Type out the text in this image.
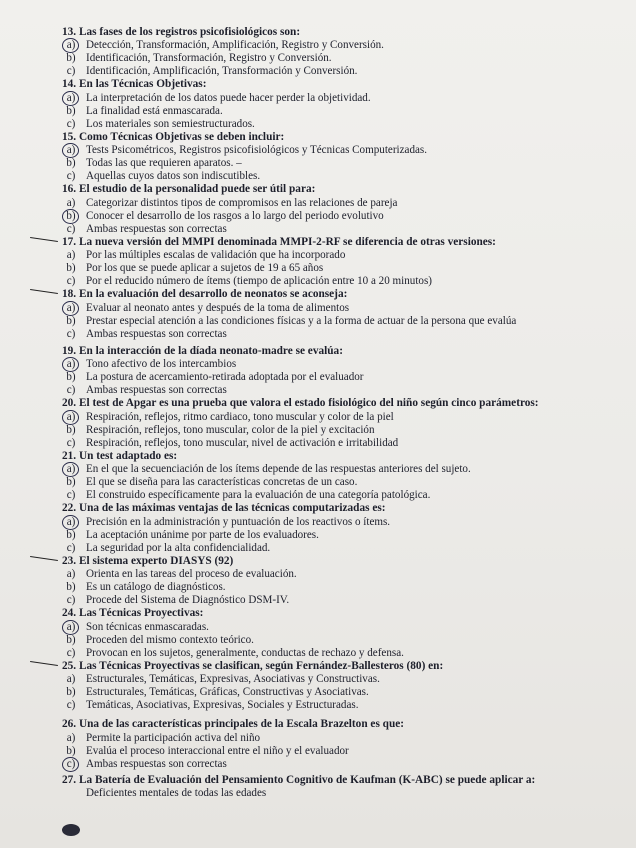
13. Las fases de los registros psicofisiológicos son:
a) Detección, Transformación, Amplificación, Registro y Conversión.
b) Identificación, Transformación, Registro y Conversión.
c) Identificación, Amplificación, Transformación y Conversión.
14. En las Técnicas Objetivas:
a) La interpretación de los datos puede hacer perder la objetividad.
b) La finalidad está enmascarada.
c) Los materiales son semiestructurados.
15. Como Técnicas Objetivas se deben incluir:
a) Tests Psicométricos, Registros psicofisiológicos y Técnicas Computerizadas.
b) Todas las que requieren aparatos. –
c) Aquellas cuyos datos son indiscutibles.
16. El estudio de la personalidad puede ser útil para:
a) Categorizar distintos tipos de compromisos en las relaciones de pareja
b) Conocer el desarrollo de los rasgos a lo largo del periodo evolutivo
c) Ambas respuestas son correctas
17. La nueva versión del MMPI denominada MMPI-2-RF se diferencia de otras versiones:
a) Por las múltiples escalas de validación que ha incorporado
b) Por los que se puede aplicar a sujetos de 19 a 65 años
c) Por el reducido número de ítems (tiempo de aplicación entre 10 a 20 minutos)
18. En la evaluación del desarrollo de neonatos se aconseja:
a) Evaluar al neonato antes y después de la toma de alimentos
b) Prestar especial atención a las condiciones físicas y a la forma de actuar de la persona que evalúa
c) Ambas respuestas son correctas
19. En la interacción de la díada neonato-madre se evalúa:
a) Tono afectivo de los intercambios
b) La postura de acercamiento-retirada adoptada por el evaluador
c) Ambas respuestas son correctas
20. El test de Apgar es una prueba que valora el estado fisiológico del niño según cinco parámetros:
a) Respiración, reflejos, ritmo cardiaco, tono muscular y color de la piel
b) Respiración, reflejos, tono muscular, color de la piel y excitación
c) Respiración, reflejos, tono muscular, nivel de activación e irritabilidad
21. Un test adaptado es:
a) En el que la secuenciación de los ítems depende de las respuestas anteriores del sujeto.
b) El que se diseña para las características concretas de un caso.
c) El construido específicamente para la evaluación de una categoría patológica.
22. Una de las máximas ventajas de las técnicas computarizadas es:
a) Precisión en la administración y puntuación de los reactivos o ítems.
b) La aceptación unánime por parte de los evaluadores.
c) La seguridad por la alta confidencialidad.
23. El sistema experto DIASYS (92)
a) Orienta en las tareas del proceso de evaluación.
b) Es un catálogo de diagnósticos.
c) Procede del Sistema de Diagnóstico DSM-IV.
24. Las Técnicas Proyectivas:
a) Son técnicas enmascaradas.
b) Proceden del mismo contexto teórico.
c) Provocan en los sujetos, generalmente, conductas de rechazo y defensa.
25. Las Técnicas Proyectivas se clasifican, según Fernández-Ballesteros (80) en:
a) Estructurales, Temáticas, Expresivas, Asociativas y Constructivas.
b) Estructurales, Temáticas, Gráficas, Constructivas y Asociativas.
c) Temáticas, Asociativas, Expresivas, Sociales y Estructuradas.
26. Una de las características principales de la Escala Brazelton es que:
a) Permite la participación activa del niño
b) Evalúa el proceso interaccional entre el niño y el evaluador
c) Ambas respuestas son correctas
27. La Batería de Evaluación del Pensamiento Cognitivo de Kaufman (K-ABC) se puede aplicar a:
Deficientes mentales de todas las edades
